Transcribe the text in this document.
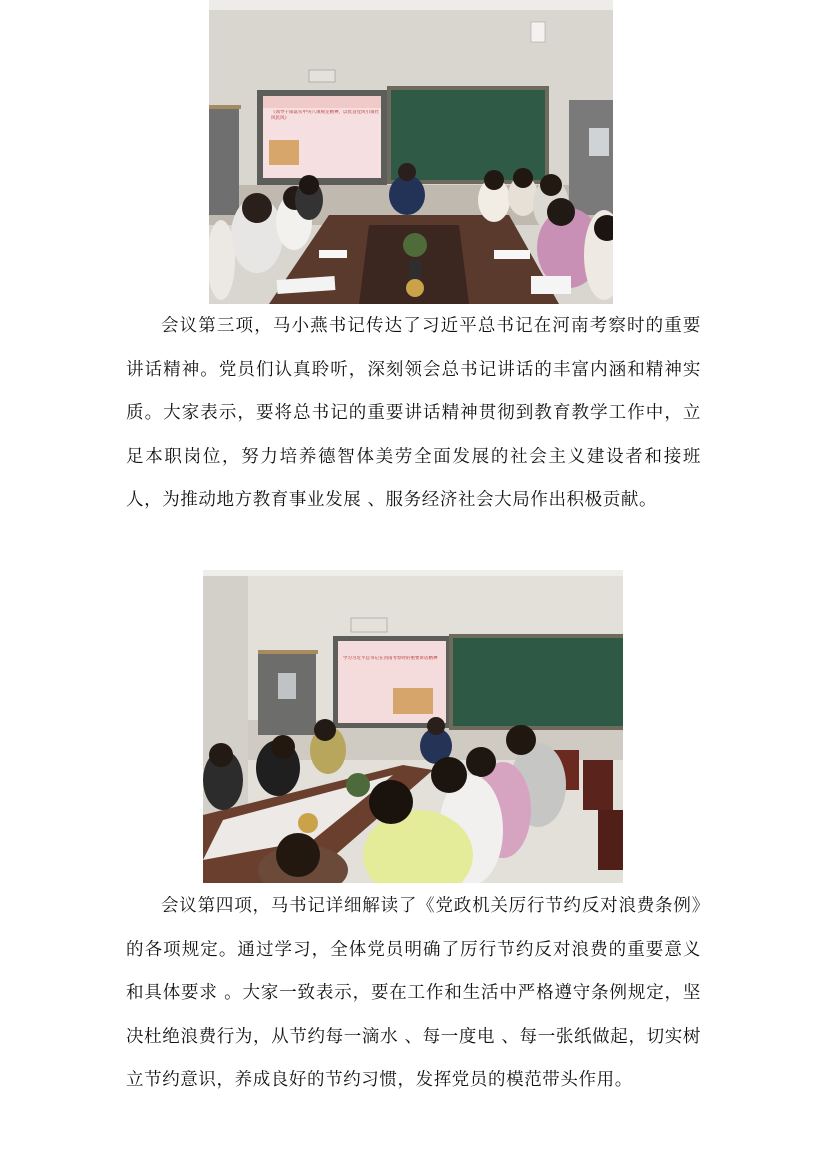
《领导干部落实中央八项规定精神，以优良党风引领社风民风》

会议第三项，马小燕书记传达了习近平总书记在河南考察时的重要讲话精神。党员们认真聆听，深刻领会总书记讲话的丰富内涵和精神实质。大家表示，要将总书记的重要讲话精神贯彻到教育教学工作中，立足本职岗位，努力培养德智体美劳全面发展的社会主义建设者和接班人，为推动地方教育事业发展 、服务经济社会大局作出积极贡献。

学习习近平总书记在河南考察时的重要讲话精神

会议第四项，马书记详细解读了《党政机关厉行节约反对浪费条例》的各项规定。通过学习，全体党员明确了厉行节约反对浪费的重要意义和具体要求 。大家一致表示，要在工作和生活中严格遵守条例规定，坚决杜绝浪费行为，从节约每一滴水 、每一度电 、每一张纸做起，切实树立节约意识，养成良好的节约习惯，发挥党员的模范带头作用。
